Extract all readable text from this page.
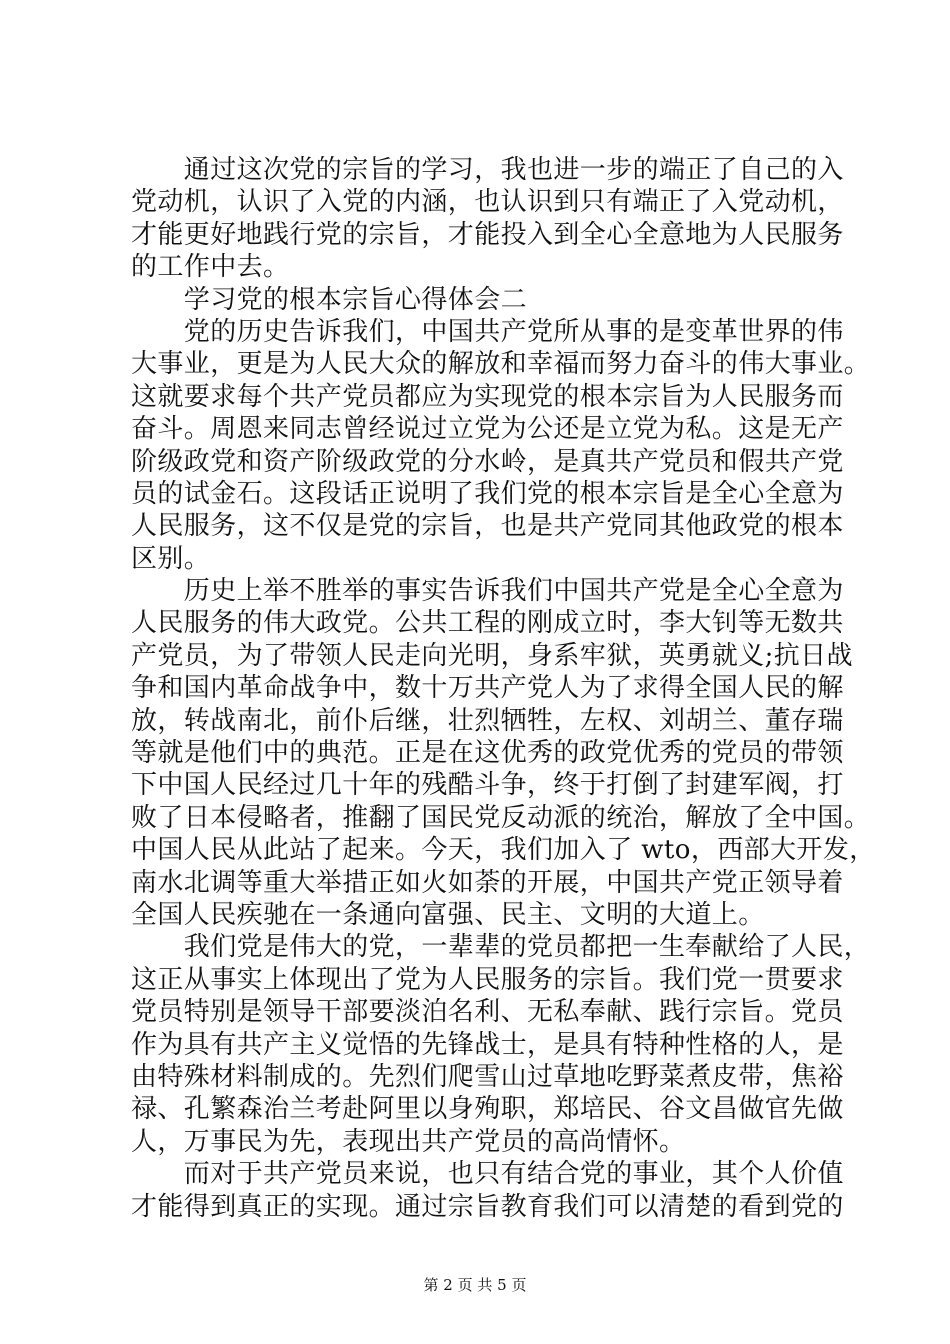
　　通过这次党的宗旨的学习，我也进一步的端正了自己的入
党动机，认识了入党的内涵，也认识到只有端正了入党动机，
才能更好地践行党的宗旨，才能投入到全心全意地为人民服务
的工作中去。
　　学习党的根本宗旨心得体会二
　　党的历史告诉我们，中国共产党所从事的是变革世界的伟
大事业，更是为人民大众的解放和幸福而努力奋斗的伟大事业。
这就要求每个共产党员都应为实现党的根本宗旨为人民服务而
奋斗。周恩来同志曾经说过立党为公还是立党为私。这是无产
阶级政党和资产阶级政党的分水岭，是真共产党员和假共产党
员的试金石。这段话正说明了我们党的根本宗旨是全心全意为
人民服务，这不仅是党的宗旨，也是共产党同其他政党的根本
区别。
　　历史上举不胜举的事实告诉我们中国共产党是全心全意为
人民服务的伟大政党。公共工程的刚成立时，李大钊等无数共
产党员，为了带领人民走向光明，身系牢狱，英勇就义;抗日战
争和国内革命战争中，数十万共产党人为了求得全国人民的解
放，转战南北，前仆后继，壮烈牺牲，左权、刘胡兰、董存瑞
等就是他们中的典范。正是在这优秀的政党优秀的党员的带领
下中国人民经过几十年的残酷斗争，终于打倒了封建军阀，打
败了日本侵略者，推翻了国民党反动派的统治，解放了全中国。
中国人民从此站了起来。今天，我们加入了 wto，西部大开发，
南水北调等重大举措正如火如荼的开展，中国共产党正领导着
全国人民疾驰在一条通向富强、民主、文明的大道上。
　　我们党是伟大的党，一辈辈的党员都把一生奉献给了人民，
这正从事实上体现出了党为人民服务的宗旨。我们党一贯要求
党员特别是领导干部要淡泊名利、无私奉献、践行宗旨。党员
作为具有共产主义觉悟的先锋战士，是具有特种性格的人，是
由特殊材料制成的。先烈们爬雪山过草地吃野菜煮皮带，焦裕
禄、孔繁森治兰考赴阿里以身殉职，郑培民、谷文昌做官先做
人，万事民为先，表现出共产党员的高尚情怀。
　　而对于共产党员来说，也只有结合党的事业，其个人价值
才能得到真正的实现。通过宗旨教育我们可以清楚的看到党的
第 2 页 共 5 页
